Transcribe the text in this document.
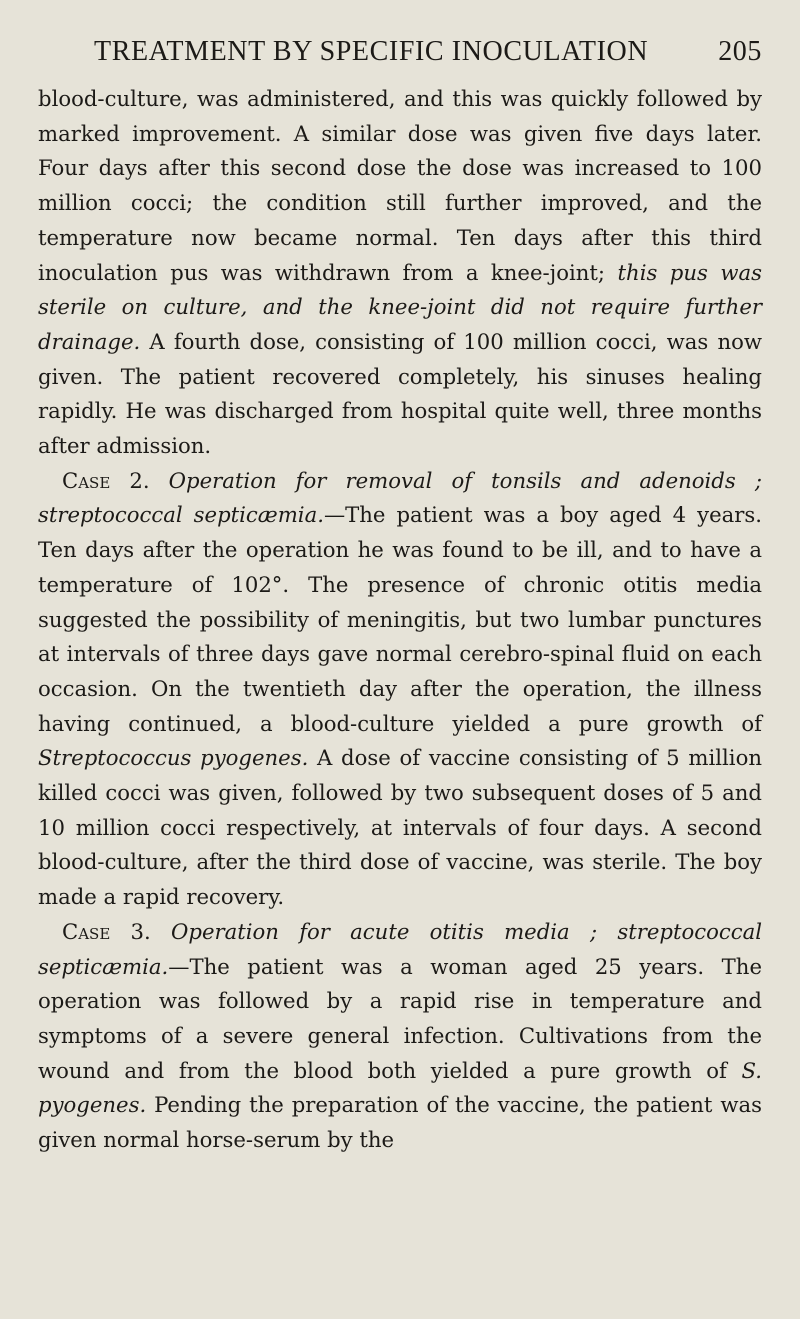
TREATMENT BY SPECIFIC INOCULATION	205

blood-culture, was administered, and this was quickly followed by marked improvement. A similar dose was given five days later. Four days after this second dose the dose was increased to 100 million cocci; the condition still further improved, and the temperature now became normal. Ten days after this third inoculation pus was withdrawn from a knee-joint; this pus was sterile on culture, and the knee-joint did not require further drainage. A fourth dose, consisting of 100 million cocci, was now given. The patient recovered completely, his sinuses healing rapidly. He was discharged from hospital quite well, three months after admission.

Case 2. Operation for removal of tonsils and adenoids ; streptococcal septicæmia.—The patient was a boy aged 4 years. Ten days after the operation he was found to be ill, and to have a temperature of 102°. The presence of chronic otitis media suggested the possibility of meningitis, but two lumbar punctures at intervals of three days gave normal cerebro-spinal fluid on each occasion. On the twentieth day after the operation, the illness having continued, a blood-culture yielded a pure growth of Streptococcus pyogenes. A dose of vaccine consisting of 5 million killed cocci was given, followed by two subsequent doses of 5 and 10 million cocci respectively, at intervals of four days. A second blood-culture, after the third dose of vaccine, was sterile. The boy made a rapid recovery.

Case 3. Operation for acute otitis media ; streptococcal septicæmia.—The patient was a woman aged 25 years. The operation was followed by a rapid rise in temperature and symptoms of a severe general infection. Cultivations from the wound and from the blood both yielded a pure growth of S. pyogenes. Pending the preparation of the vaccine, the patient was given normal horse-serum by the
